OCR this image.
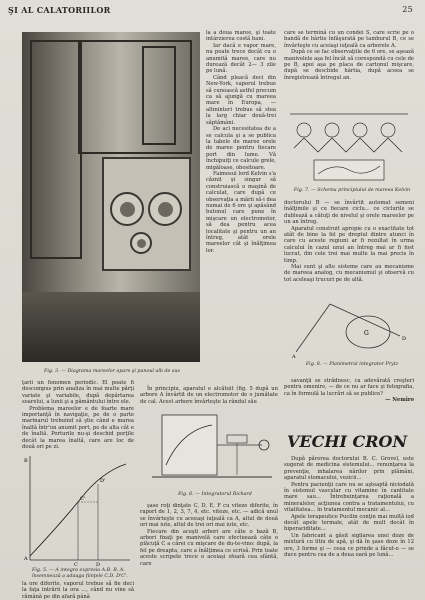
ŞI AL CALATORIILOR	25
Fig. 3. — Diagrama mareelor apare şi panoul alb de sus

la a doua maree, şi toate intârzierea costă bani.

Iar dacă e vapor mare, nu poate trece decât cu o anumită maree, care nu durează decât 2— 3 zile pe lună.

Când pleacă deci din New-York, vaporul trebue să cunoască astfel precum ca să ajungă cu mareea mare în Europa, — altminteri trebue să stea la larg chiar două-trei săptămâni.

De aci necesitatea de a se calcula şi a se publica la tabele de maree orele de maree pentru fiecare port din lume. Vă închipuiţi ce calcule grele, migăloase, obositoare.

Faimosul lord Kelvin s'a căznit şi singur să construiască o maşină de calculat, care după ce observaţia a mării să-i dea numai de 6 ore şi apăsând butonul care pune în mişcare un electromotor, să dea pentru acea localitate şi pentru un an întreg, atât orele mareelor cât şi înălţimea lor.

ţarii un fenomen periodic. El poate fi descompus prin analiza în mai multe părţi variate şi variabile, după depărtarea soarelui, a lunii şi a pământului între ele.

Problema mareelor e de foarte mare importanţă în navigaţie, pe de o parte marinarul trebuind să ştie când e marea înaltă într'un anumit port, pe de alta cât e de înaltă. Porturile nu-şi deschid porţile decât la marea înaltă, care are loc de două ori pe zi.

C	D
C'
D'
B
A
Fig. 5. — A integra expresia A.B. B. A. însemnează a adauga fiinţele C.D. D'C'.

la ore diferite, vaporul trebue să fie deci la faţa intrării la ora ..., când nu vine să rămână pe din afară până

În principiu, aparatul e alcătuit (fig. 5 după un arbore A învârtit de un electromotor de o jumătate de cal. Acest arbore învârteşte la rândul său

Fig. 6. — Integratorul Richard

şase roţi dinţate C, D, E, F cu viteze diferite, în raport de 1, 2, 3, 7, 4, etc. viteze, etc. — adică unul se învârteşte cu aceeaşi iuţeală ca A, altul de două ori mai iute, altul de trei ori mai iute, etc.

Fiecare din aceşti arbori are câte o bază B, arbori fixaţi pe manivelă care efectuează câte o plăcuţă C a cărei cu mişcare de du-te-vino: după, la fel pe dreapta, care a înălţimea ce scrisă. Prin toate aceste scripete trece o aceiaşi sfoară cea sfântă, care

care se termină cu un condei S, care scrie pe o bandă de hârtie înfăşurată pe tamburul B, ce se învârteşte cu aceiaşi iuţeală ca arborele A.

După ce se fac observaţiile de 6 ore, se aşează manivelele aşa fel încât să corespundă cu cele de pe B, apoi aşa pe placa de cartonul mişcare, după se deschide hârtia, după aceea se înregistrează întregul an.

Fig. 7. — Schema principiului de mareea Kelvin

doctorului B — se învârtit automat semeni înălţimile şi cu fiecare ciclu... ce ciclurile se dublează a câtuţi de nivelul şi orele mareelor pe un an întreg.

Aparatul construit apropie cu o exactitate tot atât de bine la fel pe dreptul dintre atunci în care cu aceste regiuni ar fi rezultat în urma calcului în cazul unui an întreg mai ar fi fost lucrat, din cele trei mai multe la mai precis în timp.

Mai sunt şi alte sisteme care au mecanisme de mareea analog, cu mecanismul şi observă cu tot aceleaşi trucuri pe de altă.

G
A
D
Fig. 8. — Planimetrul integrator Prytz

savanţii se strădnesc, ca adevărată creşteri pentru omenire, — de ce nu ar face şi fotografia, ca în formulă la lucrări să se publice?

— Nemiro

VECHI CRON

După părerea doctorului B. C. Grovel, este sugerat de medicina sistemului... renunţarea la prevenţie, inhalarea nărilor prin plămâni, aparatul stomacului, vezicii...

Pentru pacienţii care nu se aşteaptă niciodată în sistemul vascular cu vitamine în cantitate mare sau... Întrebuinţarea raţională a mineralelor, acţiunea contra a tratamentului, cu vitalitatea... în tratamentul mecanic al...

Apele terapeutice Pucilin conţin mai multă iod decât apele termale, atât de mult decât în hiperaciditate...

Un fabricant a găsit sigilarea unei doze de mixtură cu litiu de apă, şi dă în şase doze în 12 ore, 3 forme şi — ceea ce prinde a făcut-o — se duce pentru cea de a doua oară pe lună...
